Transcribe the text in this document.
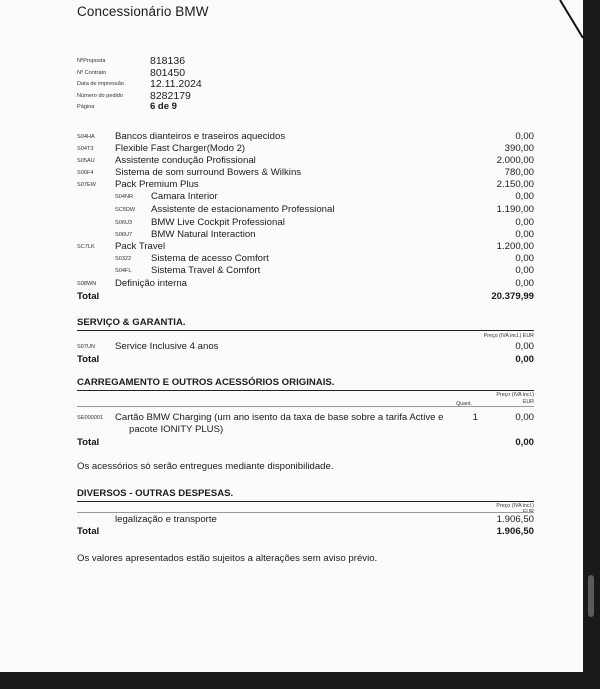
Concessionário BMW
NºProposta	818136
Nº Contrato	801450
Data de impressão 12.11.2024
Número do pedido	8282179
Página	6 de 9
S04HA Bancos dianteiros e traseiros aquecidos	0,00
S04T3 Flexible Fast Charger(Modo 2)	390,00
S05AU Assistente condução Profissional	2.000,00
S06F4 Sistema de som surround Bowers & Wilkins	780,00
S07EW Pack Premium Plus	2.150,00
S04NR Camara Interior	0,00
SC5DW Assistente de estacionamento Professional	1.190,00
S06U3 BMW Live Cockpit Professional	0,00
S06U7 BMW Natural Interaction	0,00
SC7LK Pack Travel	1.200,00
S0322 Sistema de acesso Comfort	0,00
S04FL Sistema Travel & Comfort	0,00
S08WN Definição interna	0,00
Total	20.379,99
SERVIÇO & GARANTIA.
Preço (IVA incl.) EUR
S07UN Service Inclusive 4 anos	0,00
Total	0,00
CARREGAMENTO E OUTROS ACESSÓRIOS ORIGINAIS.
Preço (IVA incl.)
EUR
Quant.
SE000001 Cartão BMW Charging (um ano isento da taxa de base sobre a tarifa Active e	1	0,00
pacote IONITY PLUS)
Total	0,00
Os acessórios só serão entregues mediante disponibilidade.
DIVERSOS - OUTRAS DESPESAS.
Preço (IVA incl.)
EUR
legalização e transporte	1.906,50
Total	1.906,50
Os valores apresentados estão sujeitos a alterações sem aviso prévio.
